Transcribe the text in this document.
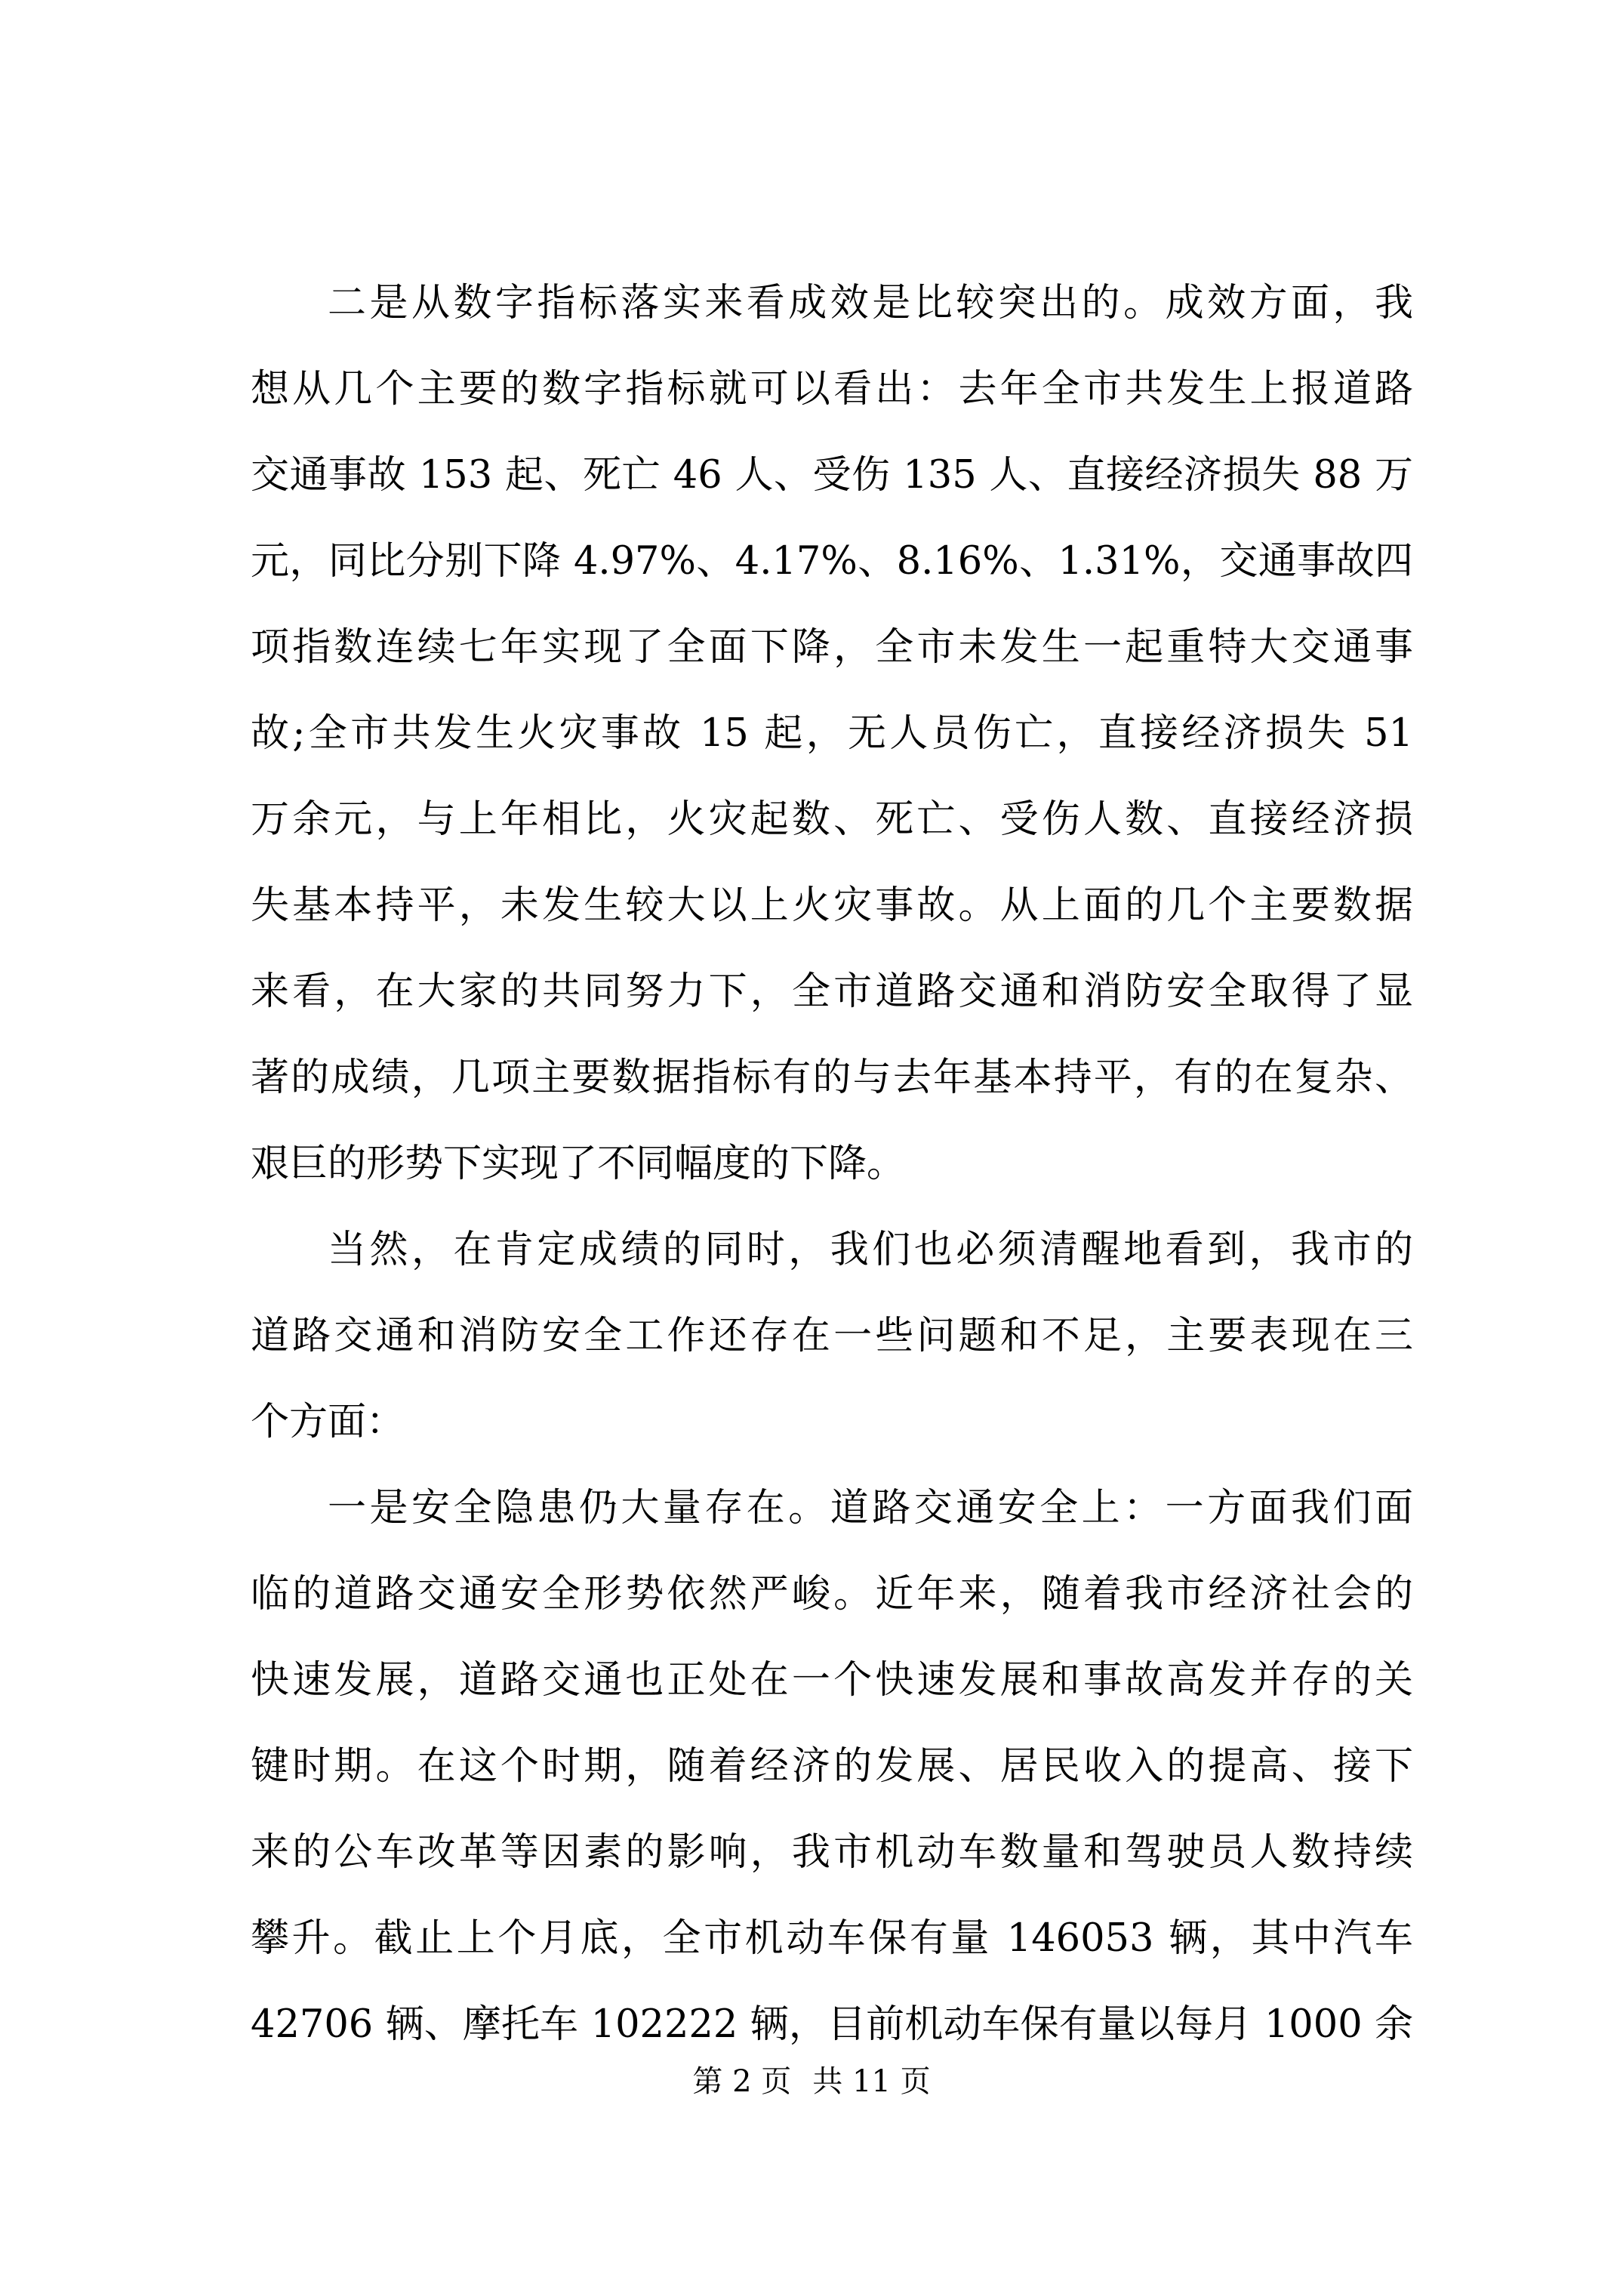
二是从数字指标落实来看成效是比较突出的。成效方面，我
想从几个主要的数字指标就可以看出：去年全市共发生上报道路
交通事故 153 起、死亡 46 人、受伤 135 人、直接经济损失 88 万
元，同比分别下降 4.97%、4.17%、8.16%、1.31%，交通事故四
项指数连续七年实现了全面下降，全市未发生一起重特大交通事
故;全市共发生火灾事故 15 起，无人员伤亡，直接经济损失 51
万余元，与上年相比，火灾起数、死亡、受伤人数、直接经济损
失基本持平，未发生较大以上火灾事故。从上面的几个主要数据
来看，在大家的共同努力下，全市道路交通和消防安全取得了显
著的成绩，几项主要数据指标有的与去年基本持平，有的在复杂、
艰巨的形势下实现了不同幅度的下降。
当然，在肯定成绩的同时，我们也必须清醒地看到，我市的
道路交通和消防安全工作还存在一些问题和不足，主要表现在三
个方面：
一是安全隐患仍大量存在。道路交通安全上：一方面我们面
临的道路交通安全形势依然严峻。近年来，随着我市经济社会的
快速发展，道路交通也正处在一个快速发展和事故高发并存的关
键时期。在这个时期，随着经济的发展、居民收入的提高、接下
来的公车改革等因素的影响，我市机动车数量和驾驶员人数持续
攀升。截止上个月底，全市机动车保有量 146053 辆，其中汽车
42706 辆、摩托车 102222 辆，目前机动车保有量以每月 1000 余
第 2 页 共 11 页
